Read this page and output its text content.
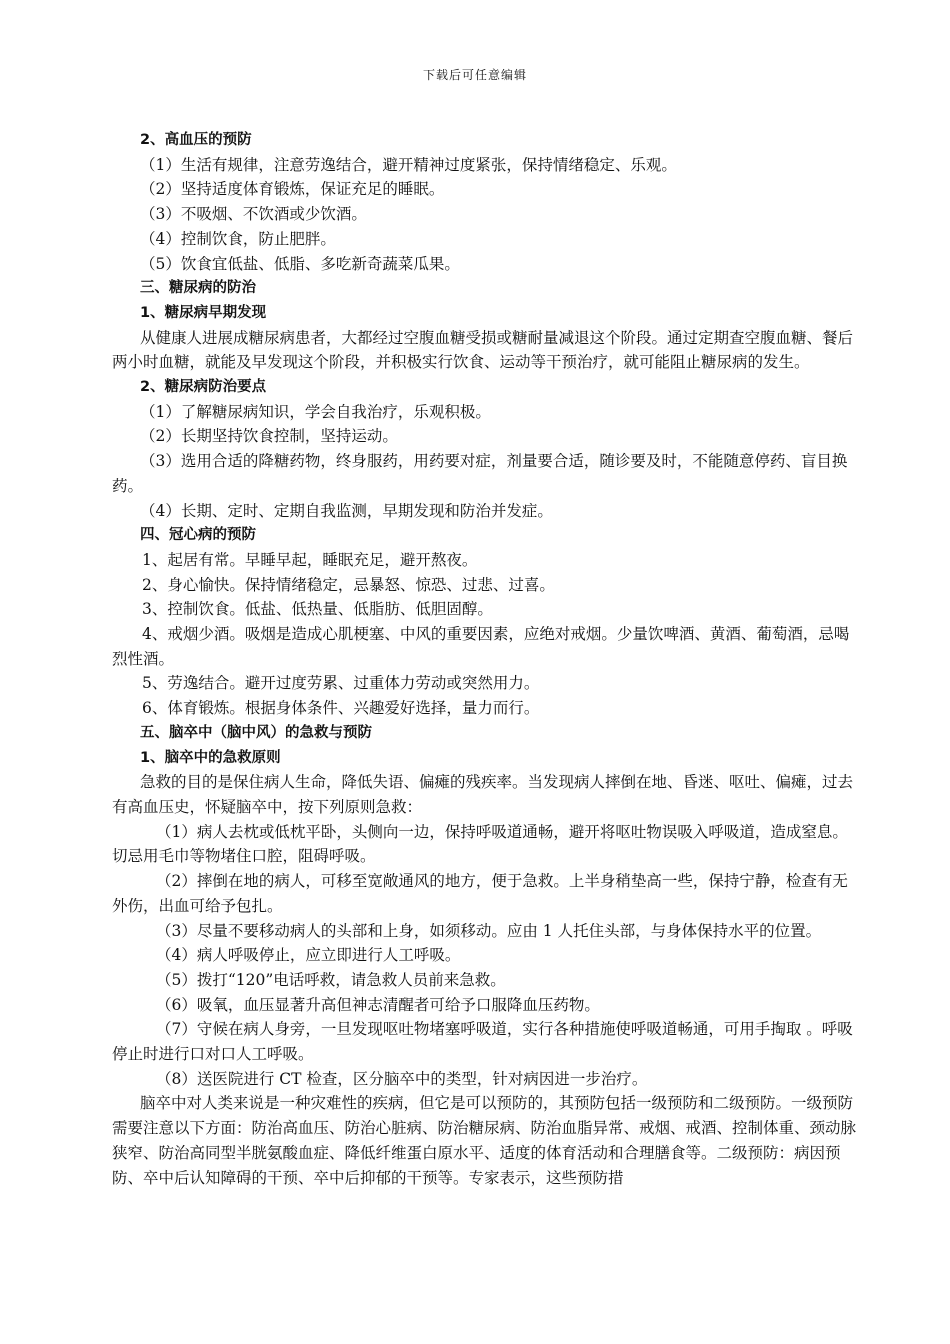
下载后可任意编辑

2、高血压的预防

（1）生活有规律，注意劳逸结合，避开精神过度紧张，保持情绪稳定、乐观。

（2）坚持适度体育锻炼，保证充足的睡眠。

（3）不吸烟、不饮酒或少饮酒。

（4）控制饮食，防止肥胖。

（5）饮食宜低盐、低脂、多吃新奇蔬菜瓜果。

三、糖尿病的防治

1、糖尿病早期发现

从健康人进展成糖尿病患者，大都经过空腹血糖受损或糖耐量减退这个阶段。通过定期查空腹血糖、餐后两小时血糖，就能及早发现这个阶段，并积极实行饮食、运动等干预治疗，就可能阻止糖尿病的发生。

2、糖尿病防治要点

（1）了解糖尿病知识，学会自我治疗，乐观积极。

（2）长期坚持饮食控制，坚持运动。

（3）选用合适的降糖药物，终身服药，用药要对症，剂量要合适，随诊要及时，不能随意停药、盲目换药。

（4）长期、定时、定期自我监测，早期发现和防治并发症。

四、冠心病的预防

1、起居有常。早睡早起，睡眠充足，避开熬夜。

2、身心愉快。保持情绪稳定，忌暴怒、惊恐、过悲、过喜。

3、控制饮食。低盐、低热量、低脂肪、低胆固醇。

4、戒烟少酒。吸烟是造成心肌梗塞、中风的重要因素，应绝对戒烟。少量饮啤酒、黄酒、葡萄酒，忌喝烈性酒。

5、劳逸结合。避开过度劳累、过重体力劳动或突然用力。

6、体育锻炼。根据身体条件、兴趣爱好选择，量力而行。

五、脑卒中（脑中风）的急救与预防

1、脑卒中的急救原则

急救的目的是保住病人生命，降低失语、偏瘫的残疾率。当发现病人摔倒在地、昏迷、呕吐、偏瘫，过去有高血压史，怀疑脑卒中，按下列原则急救：

（1）病人去枕或低枕平卧，头侧向一边，保持呼吸道通畅，避开将呕吐物误吸入呼吸道，造成窒息。切忌用毛巾等物堵住口腔，阻碍呼吸。

（2）摔倒在地的病人，可移至宽敞通风的地方，便于急救。上半身稍垫高一些，保持宁静，检查有无外伤，出血可给予包扎。

（3）尽量不要移动病人的头部和上身，如须移动。应由 1 人托住头部，与身体保持水平的位置。

（4）病人呼吸停止，应立即进行人工呼吸。

（5）拨打“120”电话呼救，请急救人员前来急救。

（6）吸氧，血压显著升高但神志清醒者可给予口服降血压药物。

（7）守候在病人身旁，一旦发现呕吐物堵塞呼吸道，实行各种措施使呼吸道畅通，可用手掏取 。呼吸停止时进行口对口人工呼吸。

（8）送医院进行 CT 检查，区分脑卒中的类型，针对病因进一步治疗。

脑卒中对人类来说是一种灾难性的疾病，但它是可以预防的，其预防包括一级预防和二级预防。一级预防需要注意以下方面：防治高血压、防治心脏病、防治糖尿病、防治血脂异常、戒烟、戒酒、控制体重、颈动脉狭窄、防治高同型半胱氨酸血症、降低纤维蛋白原水平、适度的体育活动和合理膳食等。二级预防：病因预防、卒中后认知障碍的干预、卒中后抑郁的干预等。专家表示，这些预防措
